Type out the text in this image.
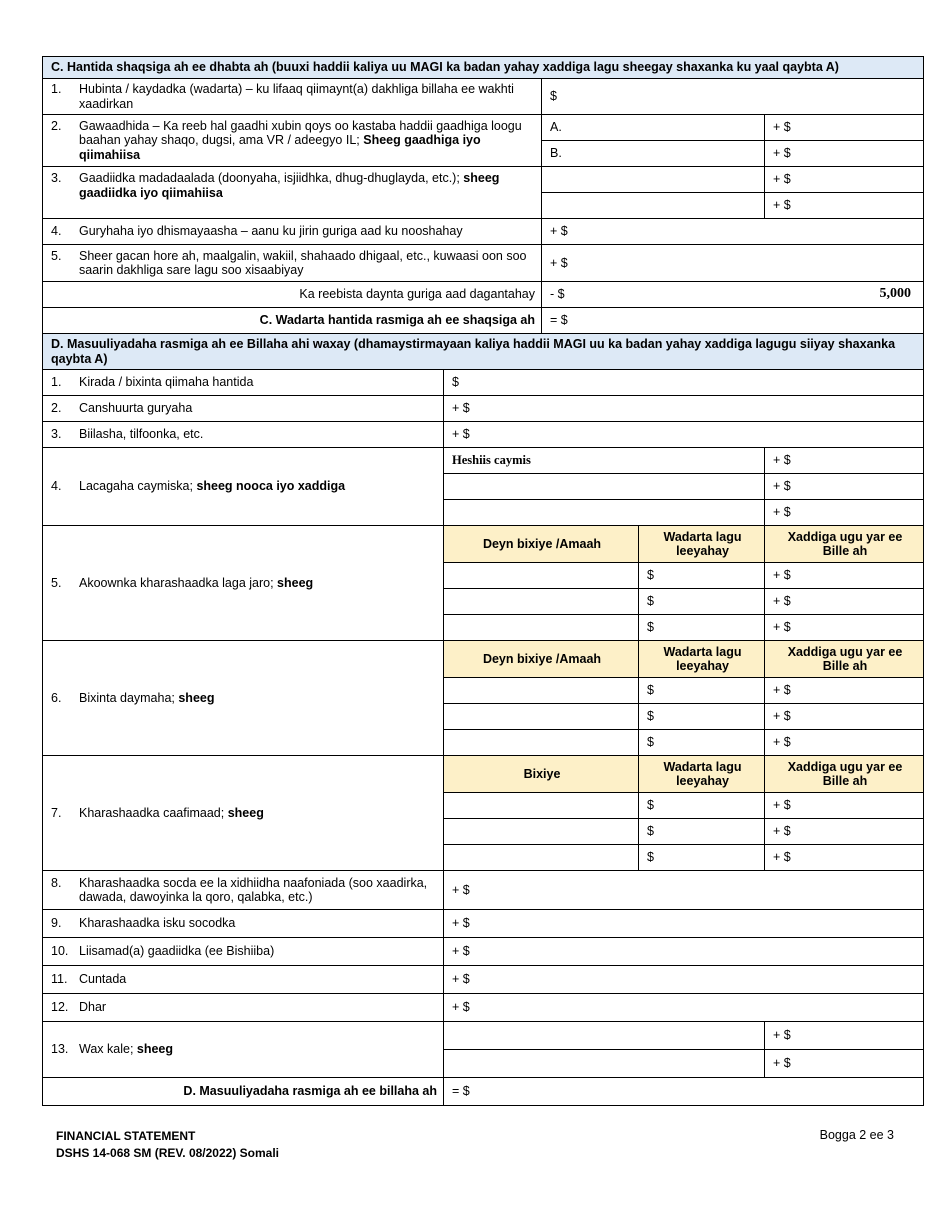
C. Hantida shaqsiga ah ee dhabta ah (buuxi haddii kaliya uu MAGI ka badan yahay xaddiga lagu sheegay shaxanka ku yaal qaybta A)		

1. Hubinta / kaydadka (wadarta) – ku lifaaq qiimaynt(a) dakhliga billaha ee wakhti xaadirkan	$	

2. Gawaadhida – Ka reeb hal gaadhi xubin qoys oo kastaba haddii gaadhiga loogu baahan yahay shaqo, dugsi, ama VR / adeegyo IL; Sheeg gaadhiga iyo qiimahiisa	A.	+ $
	B.	+ $

3. Gaadiidka madadaalada (doonyaha, isjiidhka, dhug-dhuglayda, etc.); sheeg gaadiidka iyo qiimahiisa		+ $
		+ $

4. Guryhaha iyo dhismayaasha – aanu ku jirin guriga aad ku nooshahay	+ $	

5. Sheer gacan hore ah, maalgalin, wakiil, shahaado dhigaal, etc., kuwaasi oon soo saarin dakhliga sare lagu soo xisaabiyay	+ $	
Ka reebista daynta guriga aad dagantahay	- $ 5,000	

C. Wadarta hantida rasmiga ah ee shaqsiga ah	= $	
D. Masuuliyadaha rasmiga ah ee Billaha ahi waxay (dhamaystirmayaan kaliya haddii MAGI uu ka badan yahay xaddiga lagugu siiyay shaxanka qaybta A)			
1. Kirada / bixinta qiimaha hantida	$		
2. Canshuurta guryaha	+ $		
3. Biilasha, tilfoonka, etc.	+ $		
4. Lacagaha caymiska; sheeg nooca iyo xaddiga	Heshiis caymis		+ $
			+ $
			+ $
5. Akoownka kharashaadka laga jaro; sheeg	Deyn bixiye /Amaah	Wadarta lagu leeyahay	Xaddiga ugu yar ee Bille ah
		$	+ $
		$	+ $
		$	+ $
6. Bixinta daymaha; sheeg	Deyn bixiye /Amaah	Wadarta lagu leeyahay	Xaddiga ugu yar ee Bille ah
		$	+ $
		$	+ $
		$	+ $
7. Kharashaadka caafimaad; sheeg	Bixiye	Wadarta lagu leeyahay	Xaddiga ugu yar ee Bille ah
		$	+ $
		$	+ $
		$	+ $

8. Kharashaadka socda ee la xidhiidha naafoniada (soo xaadirka, dawada, dawoyinka la qoro, qalabka, etc.)	+ $		
9. Kharashaadka isku socodka	+ $		
10. Liisamad(a) gaadiidka (ee Bishiiba)	+ $		
11. Cuntada	+ $		
12. Dhar	+ $		
13. Wax kale; sheeg			+ $
			+ $
D. Masuuliyadaha rasmiga ah ee billaha ah	= $		
FINANCIAL STATEMENT
DSHS 14-068 SM (REV. 08/2022) Somali
Bogga 2 ee 3
